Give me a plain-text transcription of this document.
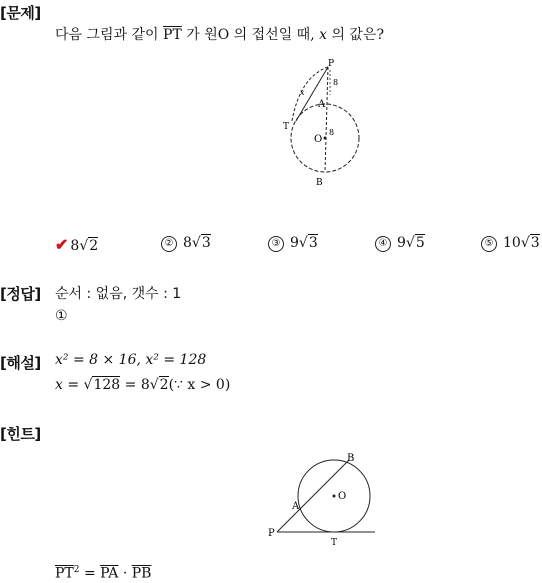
[문제]
다음 그림과 같이 $\overline{PT}$ 가 원O 의 접선일 때, x 의 값은?
P
A
T
O
B
8
8
x
✔ 8√2	② 8√3	③ 9√3	④ 9√5	⑤ 10√3
[정답] 순서 : 없음, 갯수 : 1
①
[해설] x² = 8 × 16, x² = 128
x = √128 = 8√2(∵ x > 0)
[힌트]
P
A
B
O
T
$\overline{PT}^2 = \overline{PA} \cdot \overline{PB}$
